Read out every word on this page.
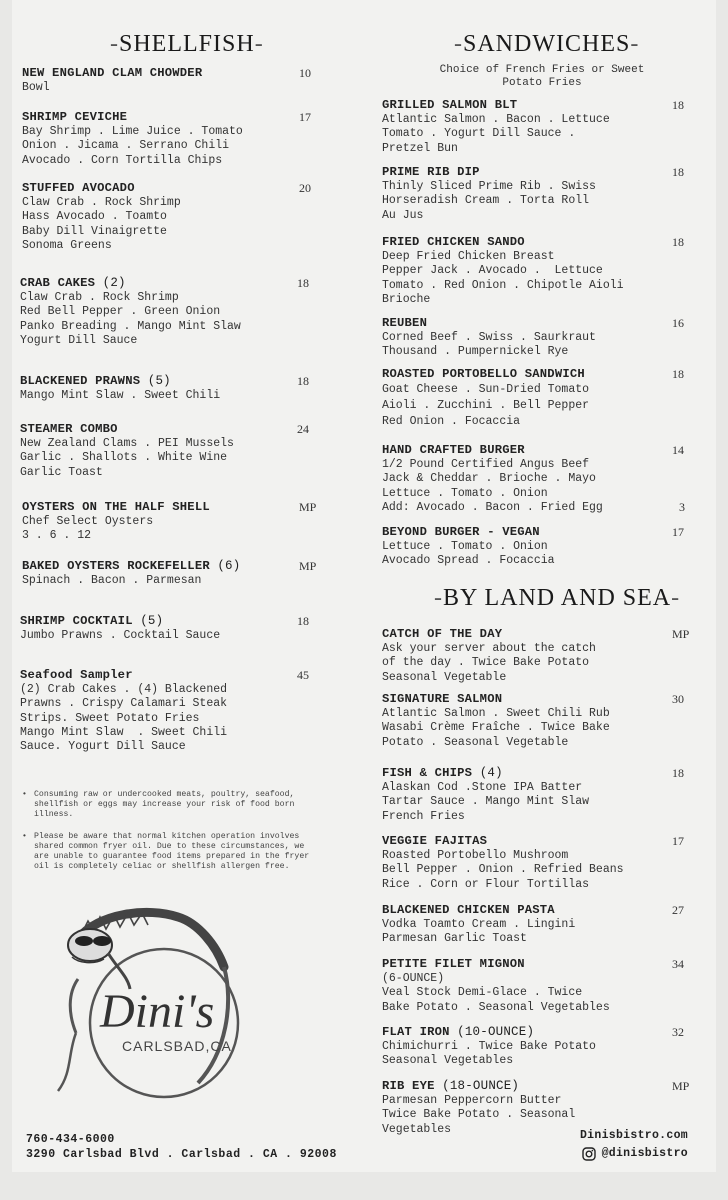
-SHELLFISH-
NEW ENGLAND CLAM CHOWDER
Bowl
10
SHRIMP CEVICHE
Bay Shrimp . Lime Juice . Tomato
Onion . Jicama . Serrano Chili
Avocado . Corn Tortilla Chips
17
STUFFED AVOCADO
Claw Crab . Rock Shrimp
Hass Avocado . Toamto
Baby Dill Vinaigrette
Sonoma Greens
20
CRAB CAKES (2)
Claw Crab . Rock Shrimp
Red Bell Pepper . Green Onion
Panko Breading . Mango Mint Slaw
Yogurt Dill Sauce
18
BLACKENED PRAWNS (5)
Mango Mint Slaw . Sweet Chili
18
STEAMER COMBO
New Zealand Clams . PEI Mussels
Garlic . Shallots . White Wine
Garlic Toast
24
OYSTERS ON THE HALF SHELL
Chef Select Oysters
3 . 6 . 12
MP
BAKED OYSTERS ROCKEFELLER (6)
Spinach . Bacon . Parmesan
MP
SHRIMP COCKTAIL (5)
Jumbo Prawns . Cocktail Sauce
18
Seafood Sampler
(2) Crab Cakes . (4) Blackened
Prawns . Crispy Calamari Steak
Strips. Sweet Potato Fries
Mango Mint Slaw  . Sweet Chili
Sauce. Yogurt Dill Sauce
45
• Consuming raw or undercooked meats, poultry, seafood,
shellfish or eggs may increase your risk of food born
illness.
• Please be aware that normal kitchen operation involves
shared common fryer oil. Due to these circumstances, we
are unable to guarantee food items prepared in the fryer
oil is completely celiac or shellfish allergen free.
Dini's
CARLSBAD,CA
760-434-6000
3290 Carlsbad Blvd . Carlsbad . CA . 92008
-SANDWICHES-
Choice of French Fries or Sweet
Potato Fries
GRILLED SALMON BLT
Atlantic Salmon . Bacon . Lettuce
Tomato . Yogurt Dill Sauce .
Pretzel Bun
18
PRIME RIB DIP
Thinly Sliced Prime Rib . Swiss
Horseradish Cream . Torta Roll
Au Jus
18
FRIED CHICKEN SANDO
Deep Fried Chicken Breast
Pepper Jack . Avocado .  Lettuce
Tomato . Red Onion . Chipotle Aioli
Brioche
18
REUBEN
Corned Beef . Swiss . Saurkraut
Thousand . Pumpernickel Rye
16
ROASTED PORTOBELLO SANDWICH
Goat Cheese . Sun-Dried Tomato
Aioli . Zucchini . Bell Pepper
Red Onion . Focaccia
18
HAND CRAFTED BURGER
1/2 Pound Certified Angus Beef
Jack & Cheddar . Brioche . Mayo
Lettuce . Tomato . Onion
Add: Avocado . Bacon . Fried Egg
14
3
BEYOND BURGER - VEGAN
Lettuce . Tomato . Onion
Avocado Spread . Focaccia
17
-BY LAND AND SEA-
CATCH OF THE DAY
Ask your server about the catch
of the day . Twice Bake Potato
Seasonal Vegetable
MP
SIGNATURE SALMON
Atlantic Salmon . Sweet Chili Rub
Wasabi Crème Fraîche . Twice Bake
Potato . Seasonal Vegetable
30
FISH & CHIPS (4)
Alaskan Cod .Stone IPA Batter
Tartar Sauce . Mango Mint Slaw
French Fries
18
VEGGIE FAJITAS
Roasted Portobello Mushroom
Bell Pepper . Onion . Refried Beans
Rice . Corn or Flour Tortillas
17
BLACKENED CHICKEN PASTA
Vodka Toamto Cream . Lingini
Parmesan Garlic Toast
27
PETITE FILET MIGNON
(6-OUNCE)
Veal Stock Demi-Glace . Twice
Bake Potato . Seasonal Vegetables
34
FLAT IRON (10-OUNCE)
Chimichurri . Twice Bake Potato
Seasonal Vegetables
32
RIB EYE (18-OUNCE)
Parmesan Peppercorn Butter
Twice Bake Potato . Seasonal
Vegetables
MP
Dinisbistro.com
@dinisbistro
